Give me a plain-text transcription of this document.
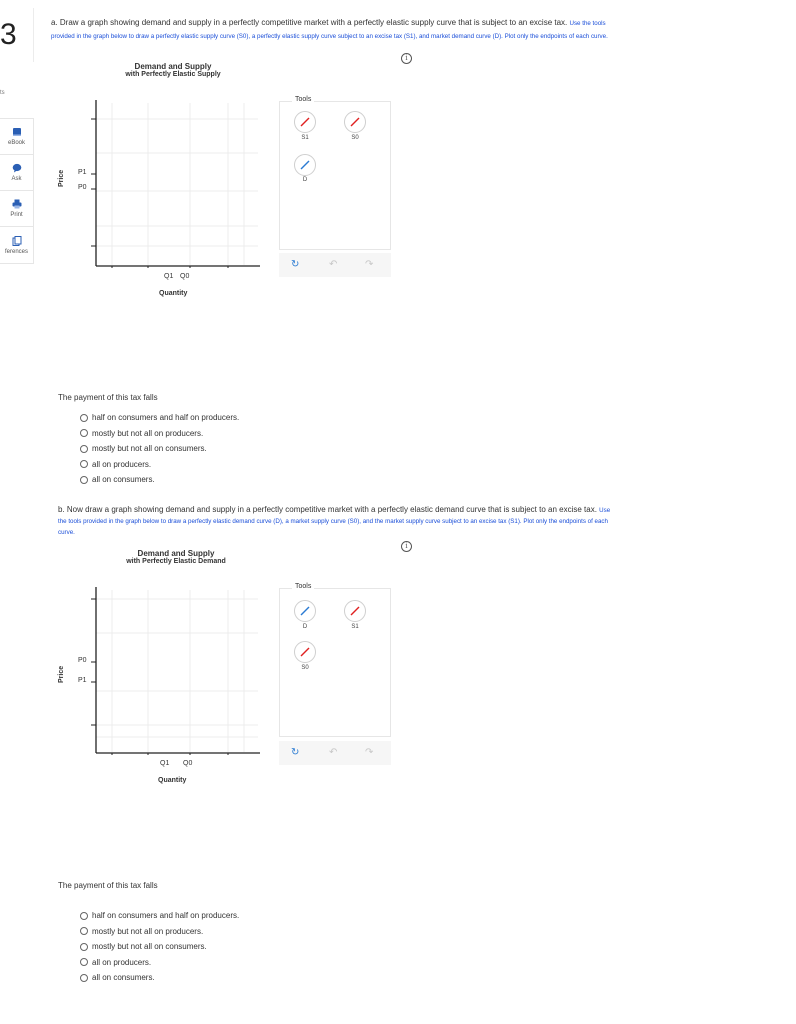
3
ts
eBook
Ask
Print
ferences
a. Draw a graph showing demand and supply in a perfectly competitive market with a perfectly elastic supply curve that is subject to an excise tax. Use the tools provided in the graph below to draw a perfectly elastic supply curve (S0), a perfectly elastic supply curve subject to an excise tax (S1), and market demand curve (D). Plot only the endpoints of each curve.
i
Demand and Supply
with Perfectly Elastic Supply
Price P1
P0
Q1 Q0
Quantity
Tools
S1	S0
D
↻	↶	↷
The payment of this tax falls
half on consumers and half on producers.
mostly but not all on producers.
mostly but not all on consumers.
all on producers.
all on consumers.
b. Now draw a graph showing demand and supply in a perfectly competitive market with a perfectly elastic demand curve that is subject to an excise tax. Use the tools provided in the graph below to draw a perfectly elastic demand curve (D), a market supply curve (S0), and the market supply curve subject to an excise tax (S1). Plot only the endpoints of each curve.
i
Demand and Supply
with Perfectly Elastic Demand
Price
P0
P1
Q1 Q0
Quantity
Tools
D	S1
S0
↻	↶	↷
The payment of this tax falls
half on consumers and half on producers.
mostly but not all on producers.
mostly but not all on consumers.
all on producers.
all on consumers.
